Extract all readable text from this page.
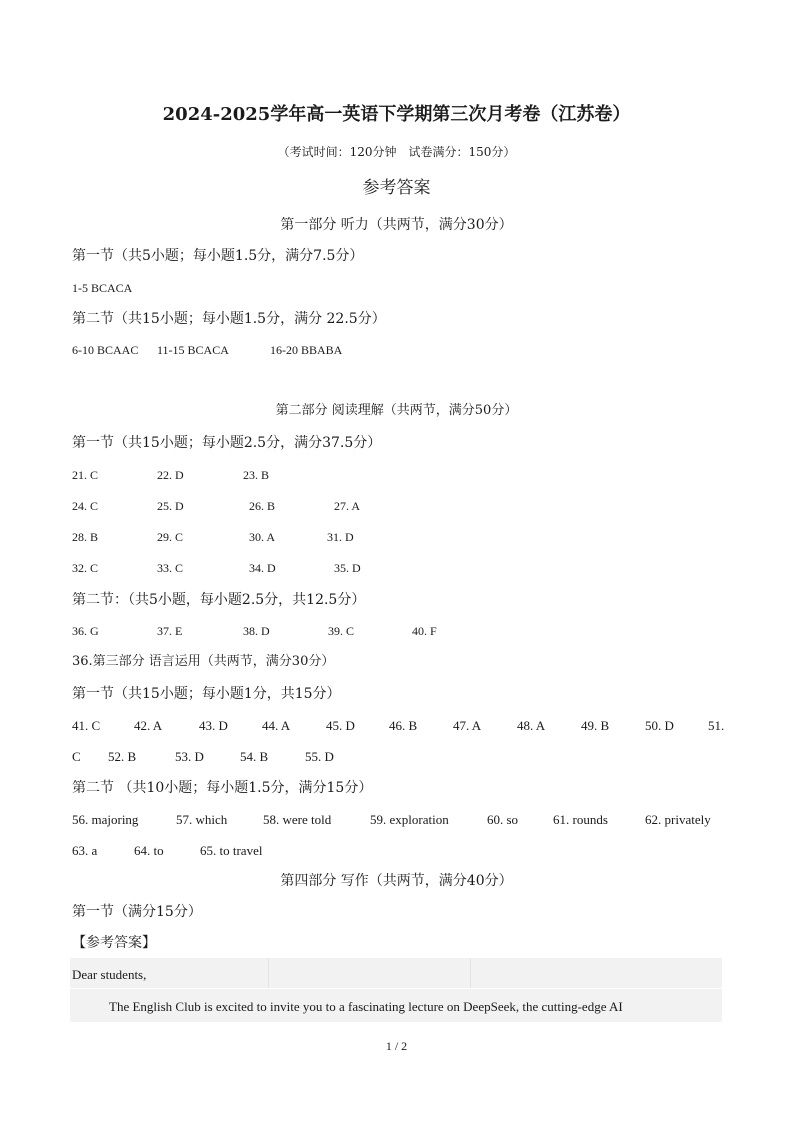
2024-2025学年高一英语下学期第三次月考卷（江苏卷）
（考试时间：120分钟　试卷满分：150分）
参考答案
第一部分 听力（共两节，满分30分）
第一节（共5小题；每小题1.5分，满分7.5分）
1-5 BCACA
第二节（共15小题；每小题1.5分，满分 22.5分）
6-10 BCAAC 11-15 BCACA	16-20 BBABA
第二部分 阅读理解（共两节，满分50分）
第一节（共15小题；每小题2.5分，满分37.5分）
21. C	22. D	23. B
24. C	25. D	26. B	27. A
28. B	29. C	30. A	31. D
32. C	33. C	34. D	35. D
第二节：（共5小题，每小题2.5分，共12.5分）
36. G	37. E	38. D	39. C	40. F
36.第三部分 语言运用（共两节，满分30分）
第一节（共15小题；每小题1分，共15分）
41. C	42. A	43. D	44. A	45. D	46. B	47. A	48. A	49. B	50. D	51.
C 52. B	53. D	54. B	55. D
第二节 （共10小题；每小题1.5分，满分15分）
56. majoring	57. which	58. were told	59. exploration	60. so	61. rounds	62. privately
63. a	64. to	65. to travel
第四部分 写作（共两节，满分40分）
第一节（满分15分）
【参考答案】
Dear students,
The English Club is excited to invite you to a fascinating lecture on DeepSeek, the cutting-edge AI
1 / 2
